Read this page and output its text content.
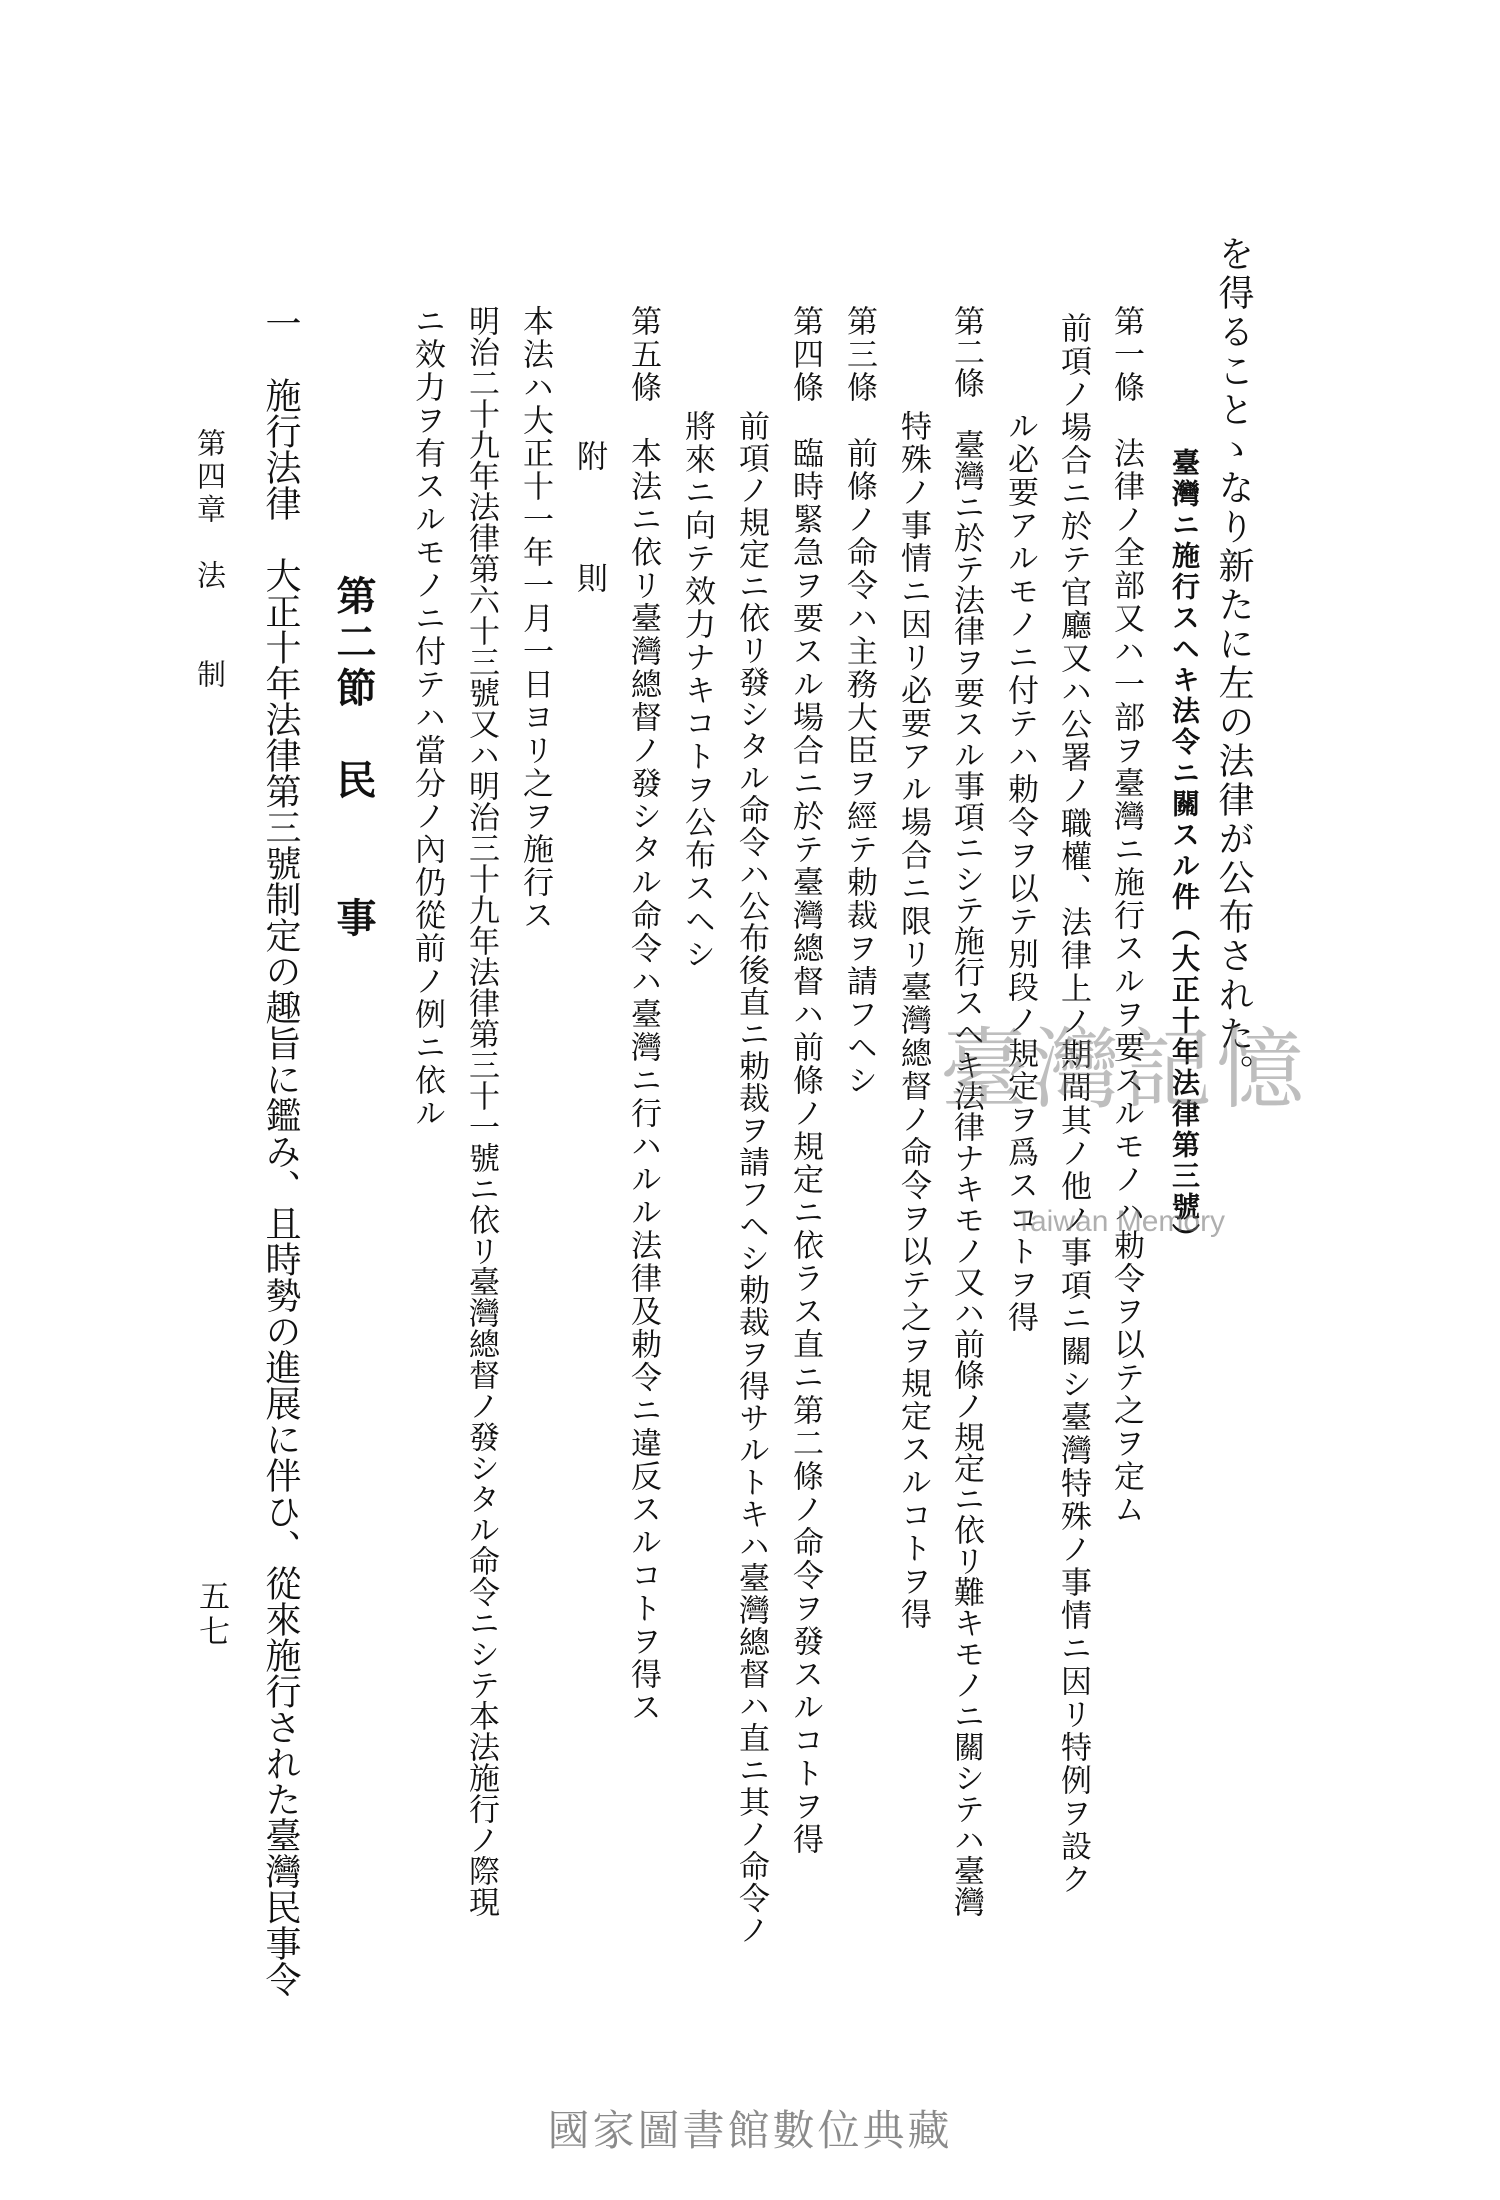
を得ることゝなり新たに左の法律が公布された。
臺灣ニ施行スヘキ法令ニ關スル件（大正十年法律第三號）
第一條　法律ノ全部又ハ一部ヲ臺灣ニ施行スルヲ要スルモノハ勅令ヲ以テ之ヲ定ム
前項ノ場合ニ於テ官廳又ハ公署ノ職權、法律上ノ期間其ノ他ノ事項ニ關シ臺灣特殊ノ事情ニ因リ特例ヲ設ク
ル必要アルモノニ付テハ勅令ヲ以テ別段ノ規定ヲ爲スコトヲ得
第二條　臺灣ニ於テ法律ヲ要スル事項ニシテ施行スヘキ法律ナキモノ又ハ前條ノ規定ニ依リ難キモノニ關シテハ臺灣
特殊ノ事情ニ因リ必要アル場合ニ限リ臺灣總督ノ命令ヲ以テ之ヲ規定スルコトヲ得
第三條　前條ノ命令ハ主務大臣ヲ經テ勅裁ヲ請フヘシ
第四條　臨時緊急ヲ要スル場合ニ於テ臺灣總督ハ前條ノ規定ニ依ラス直ニ第二條ノ命令ヲ發スルコトヲ得
前項ノ規定ニ依リ發シタル命令ハ公布後直ニ勅裁ヲ請フヘシ勅裁ヲ得サルトキハ臺灣總督ハ直ニ其ノ命令ノ
將來ニ向テ效力ナキコトヲ公布スヘシ
第五條　本法ニ依リ臺灣總督ノ發シタル命令ハ臺灣ニ行ハルル法律及勅令ニ違反スルコトヲ得ス
附　則
本法ハ大正十一年一月一日ヨリ之ヲ施行ス
明治二十九年法律第六十三號又ハ明治三十九年法律第三十一號ニ依リ臺灣總督ノ發シタル命令ニシテ本法施行ノ際現
ニ效力ヲ有スルモノニ付テハ當分ノ內仍從前ノ例ニ依ル
第二節　民　　事
一　施行法律　大正十年法律第三號制定の趣旨に鑑み、且時勢の進展に伴ひ、從來施行された臺灣民事令
第四章　法　　制
五七
臺灣記憶
Taiwan Memory
國家圖書館數位典藏
